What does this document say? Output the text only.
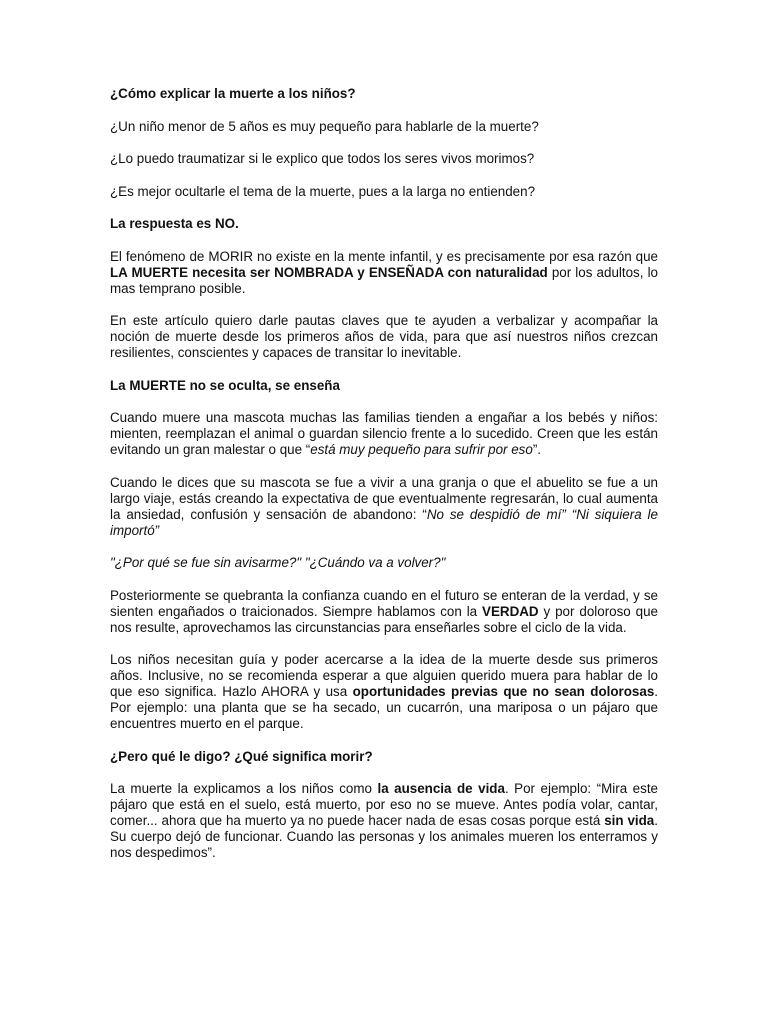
¿Cómo explicar la muerte a los niños?

¿Un niño menor de 5 años es muy pequeño para hablarle de la muerte?

¿Lo puedo traumatizar si le explico que todos los seres vivos morimos?

¿Es mejor ocultarle el tema de la muerte, pues a la larga no entienden?

La respuesta es NO.

El fenómeno de MORIR no existe en la mente infantil, y es precisamente por esa razón que LA MUERTE necesita ser NOMBRADA y ENSEÑADA con naturalidad por los adultos, lo mas temprano posible.

En este artículo quiero darle pautas claves que te ayuden a verbalizar y acompañar la noción de muerte desde los primeros años de vida, para que así nuestros niños crezcan resilientes, conscientes y capaces de transitar lo inevitable.

La MUERTE no se oculta, se enseña

Cuando muere una mascota muchas las familias tienden a engañar a los bebés y niños: mienten, reemplazan el animal o guardan silencio frente a lo sucedido. Creen que les están evitando un gran malestar o que “está muy pequeño para sufrir por eso”.

Cuando le dices que su mascota se fue a vivir a una granja o que el abuelito se fue a un largo viaje, estás creando la expectativa de que eventualmente regresarán, lo cual aumenta la ansiedad, confusión y sensación de abandono: “No se despidió de mí” “Ni siquiera le importó”

"¿Por qué se fue sin avisarme?" "¿Cuándo va a volver?"

Posteriormente se quebranta la confianza cuando en el futuro se enteran de la verdad, y se sienten engañados o traicionados. Siempre hablamos con la VERDAD y por doloroso que nos resulte, aprovechamos las circunstancias para enseñarles sobre el ciclo de la vida.

Los niños necesitan guía y poder acercarse a la idea de la muerte desde sus primeros años. Inclusive, no se recomienda esperar a que alguien querido muera para hablar de lo que eso significa. Hazlo AHORA y usa oportunidades previas que no sean dolorosas. Por ejemplo: una planta que se ha secado, un cucarrón, una mariposa o un pájaro que encuentres muerto en el parque.

¿Pero qué le digo? ¿Qué significa morir?

La muerte la explicamos a los niños como la ausencia de vida. Por ejemplo: “Mira este pájaro que está en el suelo, está muerto, por eso no se mueve. Antes podía volar, cantar, comer... ahora que ha muerto ya no puede hacer nada de esas cosas porque está sin vida. Su cuerpo dejó de funcionar. Cuando las personas y los animales mueren los enterramos y nos despedimos”.
